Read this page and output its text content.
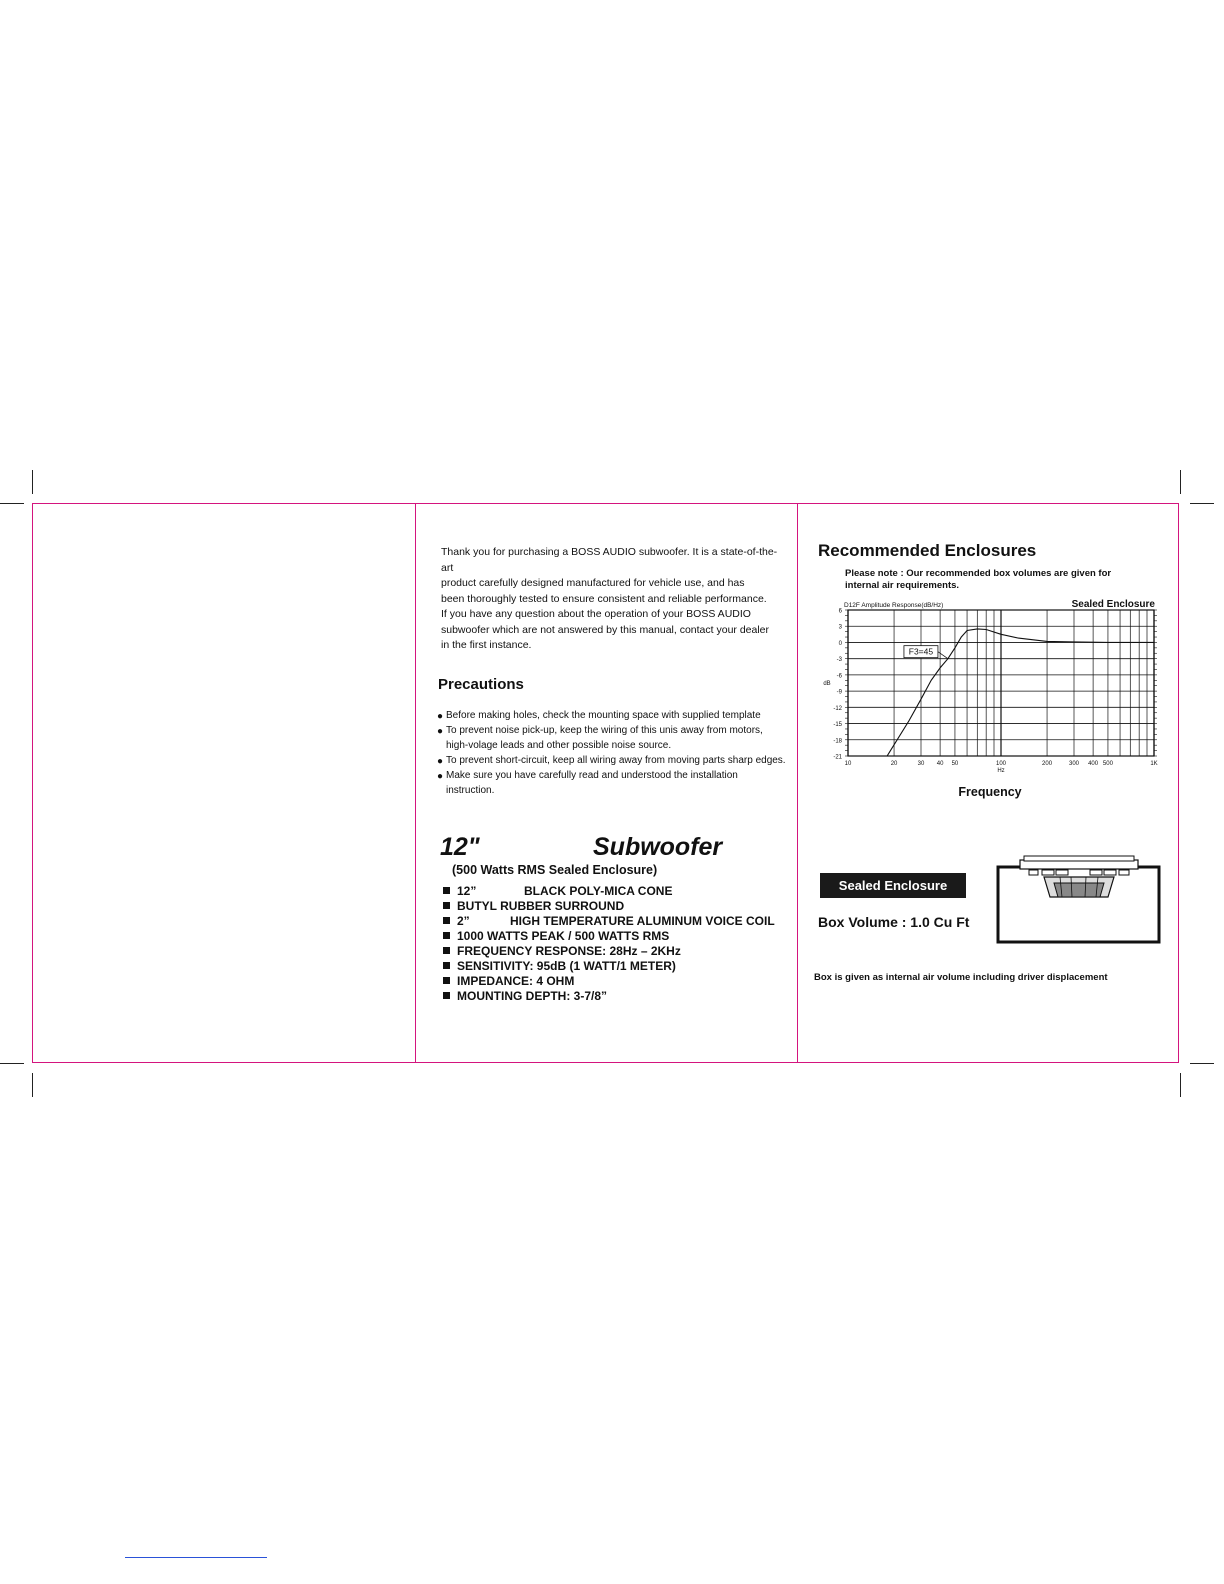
Thank you for purchasing a BOSS AUDIO subwoofer. It is a state-of-the-art

product carefully designed manufactured for vehicle use, and has

been thoroughly tested to ensure consistent and reliable performance.

If you have any question about the operation of your BOSS AUDIO

subwoofer which are not answered by this manual, contact your dealer

in the first instance.

Precautions
● Before making holes, check the mounting space with supplied template
● To prevent noise pick-up, keep the wiring of this unis away from motors,
high-volage leads and other possible noise source.
● To prevent short-circuit, keep all wiring away from moving parts sharp edges.
● Make sure you have carefully read and understood the installation instruction.
12"	Subwoofer
(500 Watts RMS Sealed Enclosure)
12”	BLACK POLY-MICA CONE
BUTYL RUBBER SURROUND
2”	HIGH TEMPERATURE ALUMINUM VOICE COIL
1000 WATTS PEAK / 500 WATTS RMS
FREQUENCY RESPONSE: 28Hz – 2KHz
SENSITIVITY: 95dB (1 WATT/1 METER)
IMPEDANCE: 4 OHM
MOUNTING DEPTH: 3-7/8”
Recommended Enclosures
Please note : Our recommended box volumes are given for
internal air requirements.
6
3
0
-3
-6
-9
-12
-15
-18
-21
10	20	30 40 50	100	200	300 400 500	1K
dB
Hz
D12F Amplitude Response(dB/Hz)	Sealed Enclosure
Frequency
F3=45
Sealed Enclosure
Box Volume : 1.0 Cu Ft
Box is given as internal air volume including driver displacement
